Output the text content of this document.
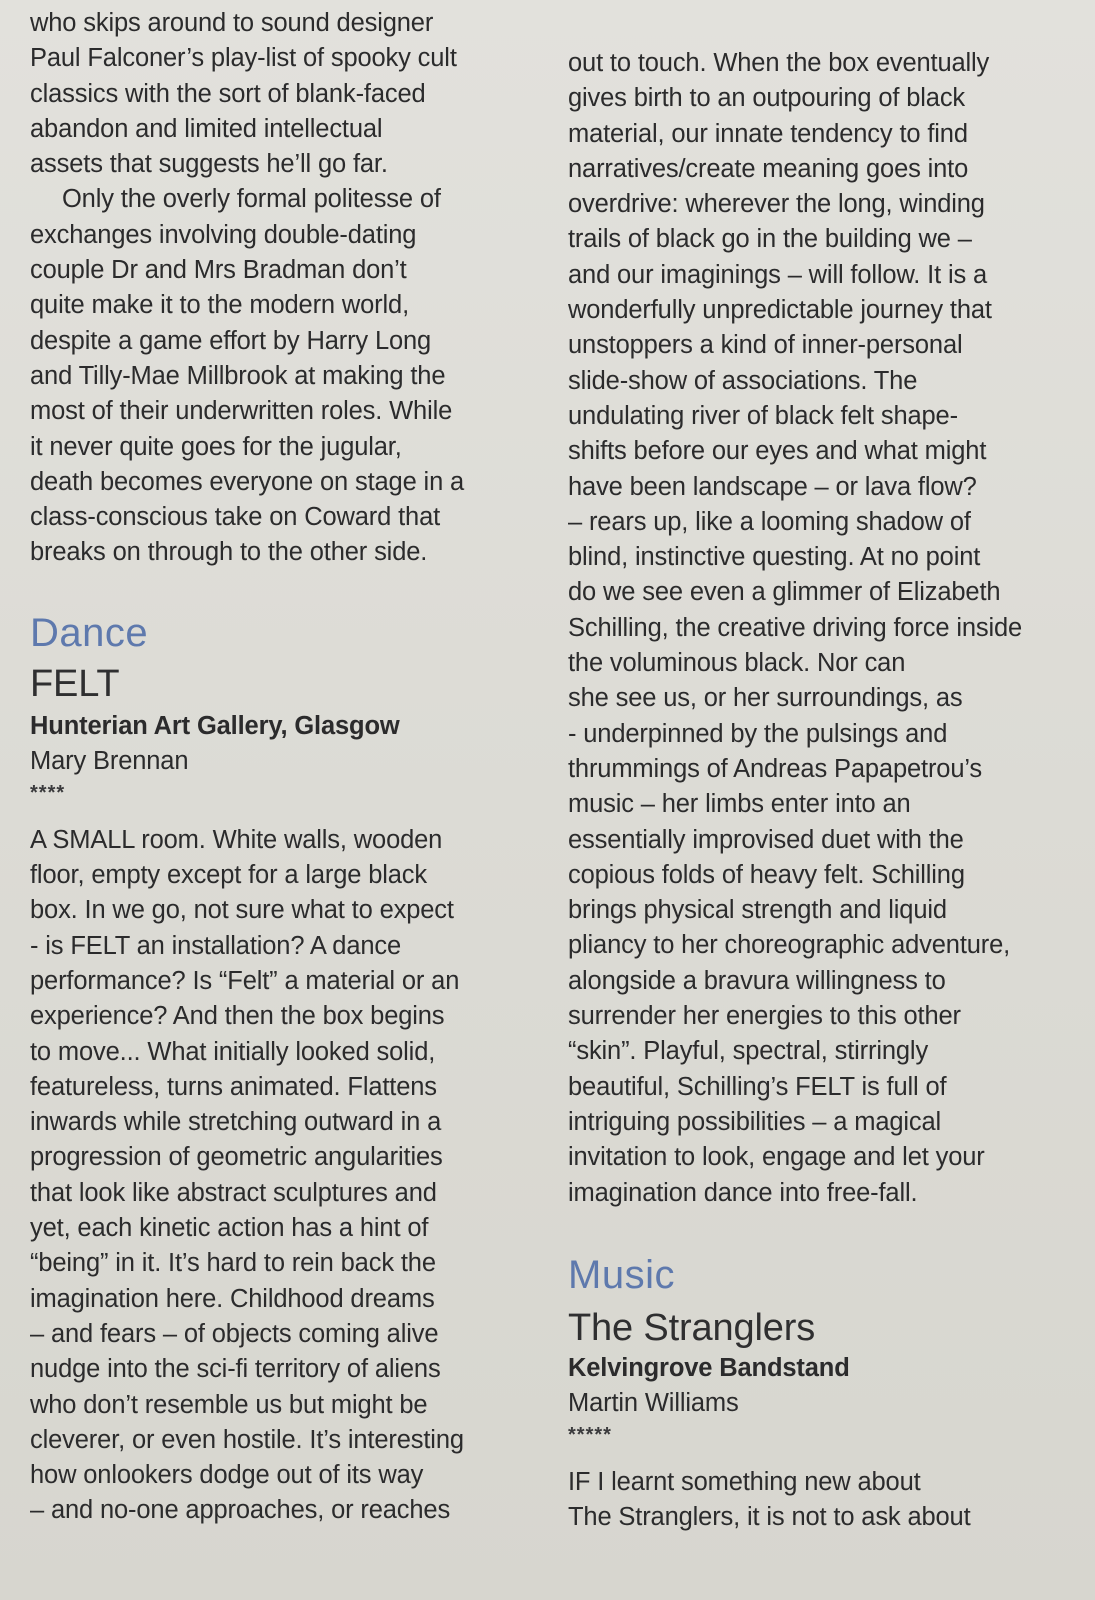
who skips around to sound designer
Paul Falconer’s play-list of spooky cult
classics with the sort of blank-faced
abandon and limited intellectual
assets that suggests he’ll go far.
Only the overly formal politesse of
exchanges involving double-dating
couple Dr and Mrs Bradman don’t
quite make it to the modern world,
despite a game effort by Harry Long
and Tilly-Mae Millbrook at making the
most of their underwritten roles. While
it never quite goes for the jugular,
death becomes everyone on stage in a
class-conscious take on Coward that
breaks on through to the other side.
Dance
FELT
Hunterian Art Gallery, Glasgow
Mary Brennan
****
A SMALL room. White walls, wooden
floor, empty except for a large black
box. In we go, not sure what to expect
- is FELT an installation? A dance
performance? Is “Felt” a material or an
experience? And then the box begins
to move... What initially looked solid,
featureless, turns animated. Flattens
inwards while stretching outward in a
progression of geometric angularities
that look like abstract sculptures and
yet, each kinetic action has a hint of
“being” in it. It’s hard to rein back the
imagination here. Childhood dreams
– and fears – of objects coming alive
nudge into the sci-fi territory of aliens
who don’t resemble us but might be
cleverer, or even hostile. It’s interesting
how onlookers dodge out of its way
– and no-one approaches, or reaches
out to touch. When the box eventually
gives birth to an outpouring of black
material, our innate tendency to find
narratives/create meaning goes into
overdrive: wherever the long, winding
trails of black go in the building we –
and our imaginings – will follow. It is a
wonderfully unpredictable journey that
unstoppers a kind of inner-personal
slide-show of associations. The
undulating river of black felt shape-
shifts before our eyes and what might
have been landscape – or lava flow?
– rears up, like a looming shadow of
blind, instinctive questing. At no point
do we see even a glimmer of Elizabeth
Schilling, the creative driving force inside
the voluminous black. Nor can
she see us, or her surroundings, as
- underpinned by the pulsings and
thrummings of Andreas Papapetrou’s
music – her limbs enter into an
essentially improvised duet with the
copious folds of heavy felt. Schilling
brings physical strength and liquid
pliancy to her choreographic adventure,
alongside a bravura willingness to
surrender her energies to this other
“skin”. Playful, spectral, stirringly
beautiful, Schilling’s FELT is full of
intriguing possibilities – a magical
invitation to look, engage and let your
imagination dance into free-fall.
Music
The Stranglers
Kelvingrove Bandstand
Martin Williams
*****
IF I learnt something new about
The Stranglers, it is not to ask about
